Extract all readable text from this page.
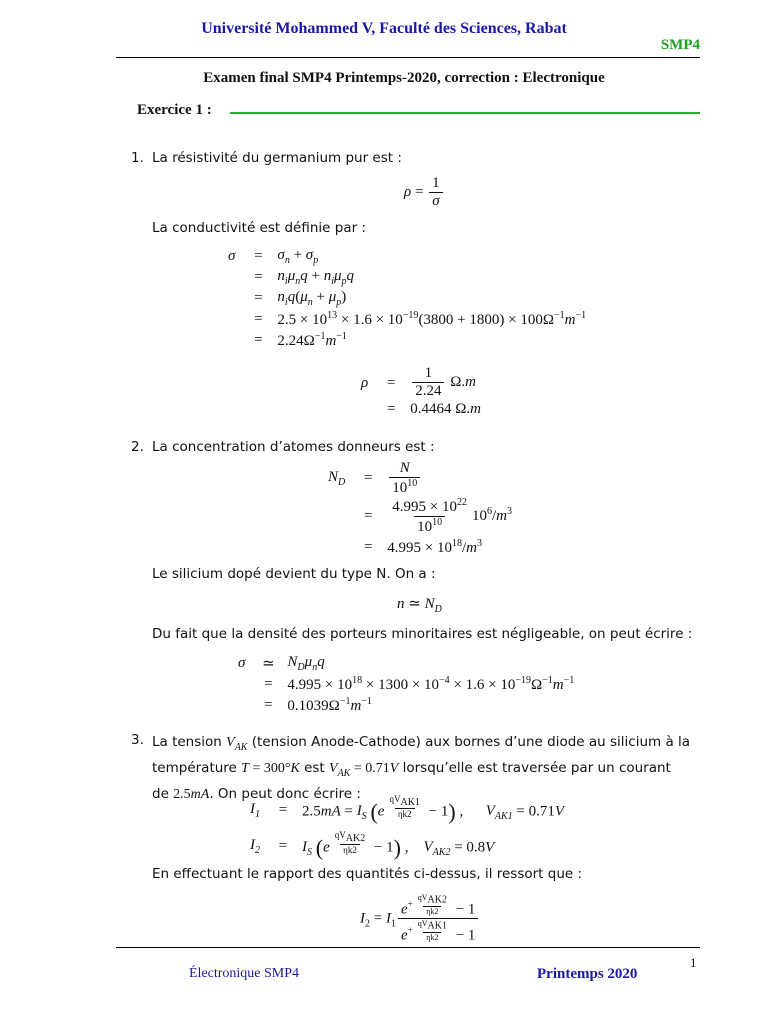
Université Mohammed V, Faculté des Sciences, Rabat
SMP4
Examen final SMP4 Printemps-2020, correction : Electronique
Exercice 1 :
1. La résistivité du germanium pur est :
$\rho = \frac{1}{\sigma}$
La conductivité est définie par :
σ	=	$\sigma_n + \sigma_p$
	=	$n_i\mu_nq + n_i\mu_pq$
	=	$n_iq(\mu_n + \mu_p)$
	=	$2.5 \times 10^{13} \times 1.6 \times 10^{-19}(3800 + 1800) \times 100\Omega^{-1}m^{-1}$
	=	$2.24\Omega^{-1}m^{-1}$
ρ	=	$\frac{1}{2.24} \Omega.m$
	=	0.4464 Ω.m
2. La concentration d’atomes donneurs est :
$N_D$	=	$\frac{N}{10^{10}}$

	=	$\frac{4.995 \times 10^{22}}{10^{10}} 10^6/m^3$
	=	$4.995 \times 10^{18}/m^3$
Le silicium dopé devient du type N. On a :
n ≃ $N_D$
Du fait que la densité des porteurs minoritaires est négligeable, on peut écrire :
σ	≃	$N_D\mu_nq$
	=	$4.995 \times 10^{18} \times 1300 \times 10^{-4} \times 1.6 \times 10^{-19}\Omega^{-1}m^{-1}$
	=	$0.1039\Omega^{-1}m^{-1}$
3. La tension $V_{AK}$ (tension Anode-Cathode) aux bornes d’une diode au silicium à la
température T = 300°K est $V_{AK} = 0.71V$ lorsqu’elle est traversée par un courant
de 2.5mA. On peut donc écrire :
$I_1$	=	$2.5mA = I_S$ (e $^{\frac{qV_{AK1}}{\eta k2}}$ − 1) ,      $V_{AK1} = 0.71V$
$I_2$	=	$I_S$ (e $^{\frac{qV_{AK2}}{\eta k2}}$ − 1) ,    $V_{AK2} = 0.8V$
En effectuant le rapport des quantités ci-dessus, il ressort que :
$I_2 = I_1$ $e^{+ \frac{qV_{AK2}}{\eta k2}} - 1$
$e^{+ \frac{qV_{AK1}}{\eta k2}} - 1$
1
Électronique SMP4	Printemps 2020
